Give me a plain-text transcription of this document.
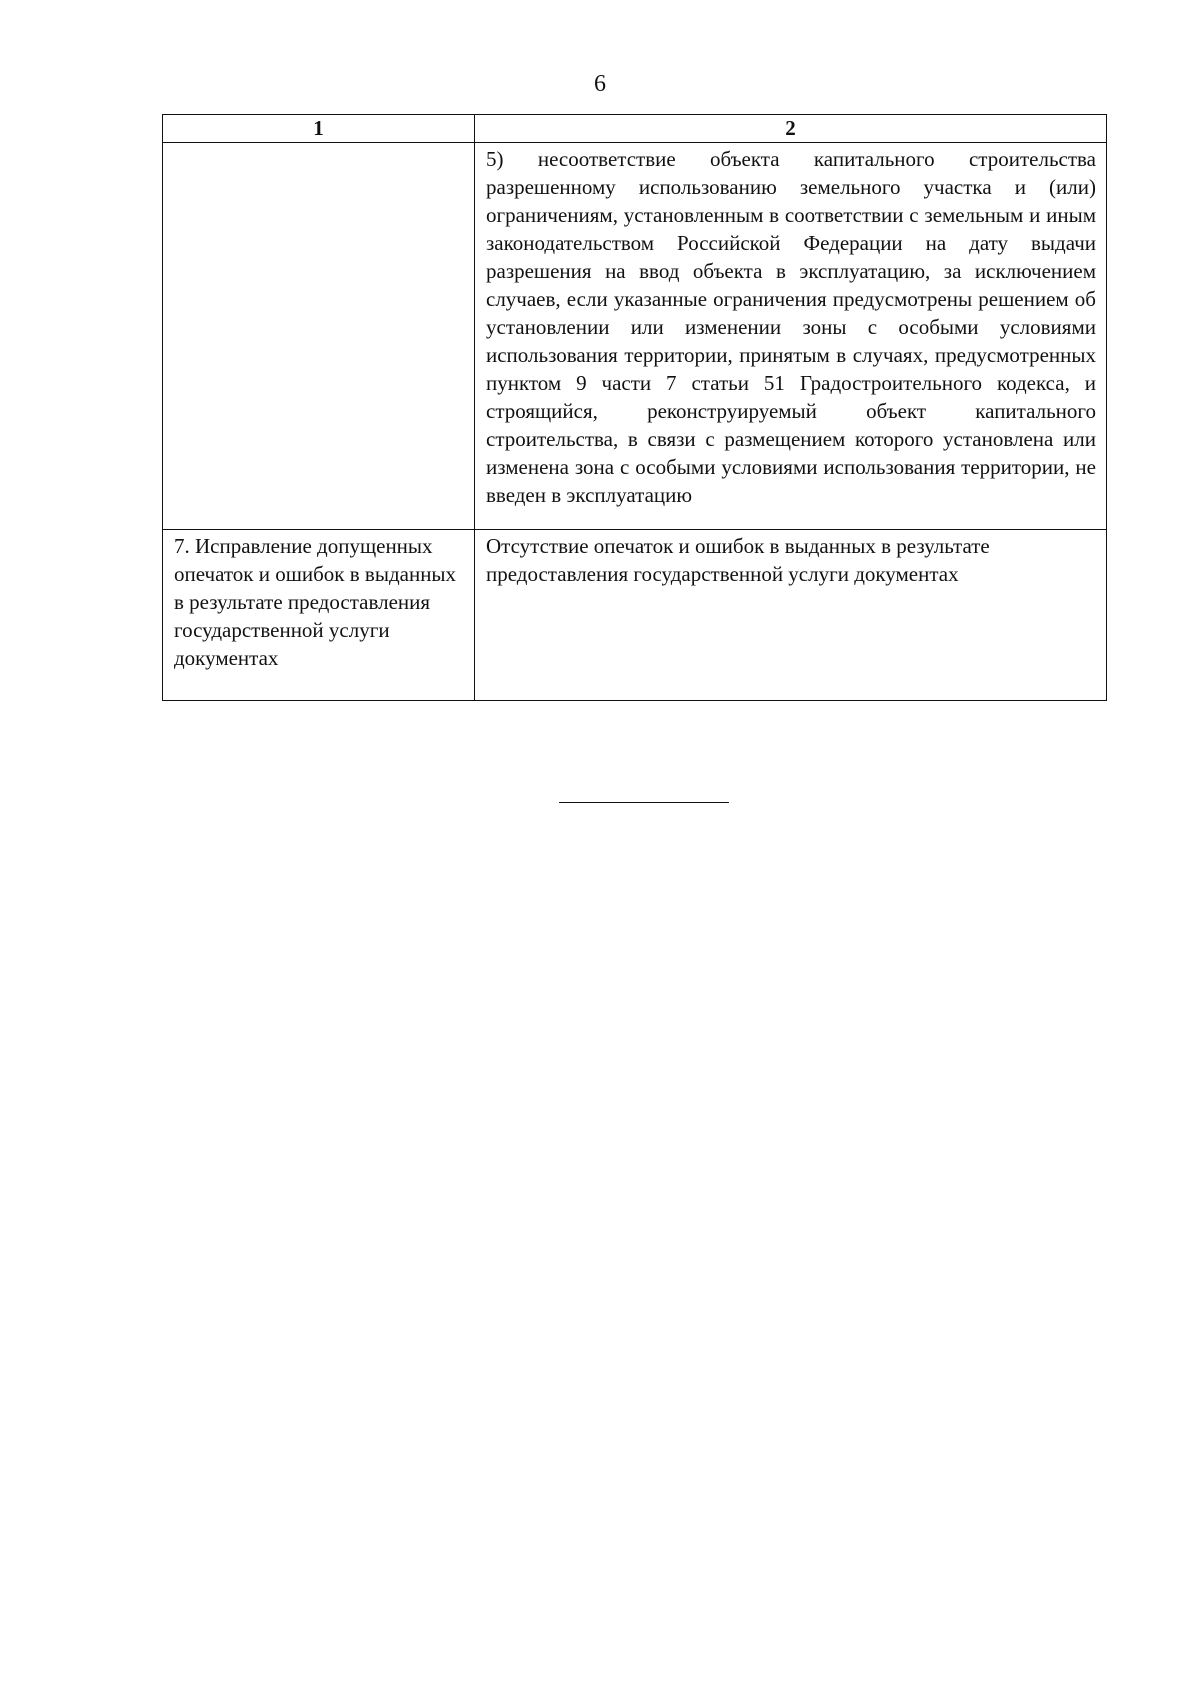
6
1	2
	5) несоответствие объекта капитального строительства разрешенному использованию земельного участка и (или) ограничениям, установленным в соответствии с земельным и иным законодательством Российской Федерации на дату выдачи разрешения на ввод объекта в эксплуатацию, за исключением случаев, если указанные ограничения предусмотрены решением об установлении или изменении зоны с особыми условиями использования территории, принятым в случаях, предусмотренных пунктом 9 части 7 статьи 51 Градостроительного кодекса, и строящийся, реконструируемый объект капитального строительства, в связи с размещением которого установлена или изменена зона с особыми условиями использования территории, не введен в эксплуатацию
7. Исправление допущенных опечаток и ошибок в выданных в результате предоставления государственной услуги документах	Отсутствие опечаток и ошибок в выданных в результате предоставления государственной услуги документах
